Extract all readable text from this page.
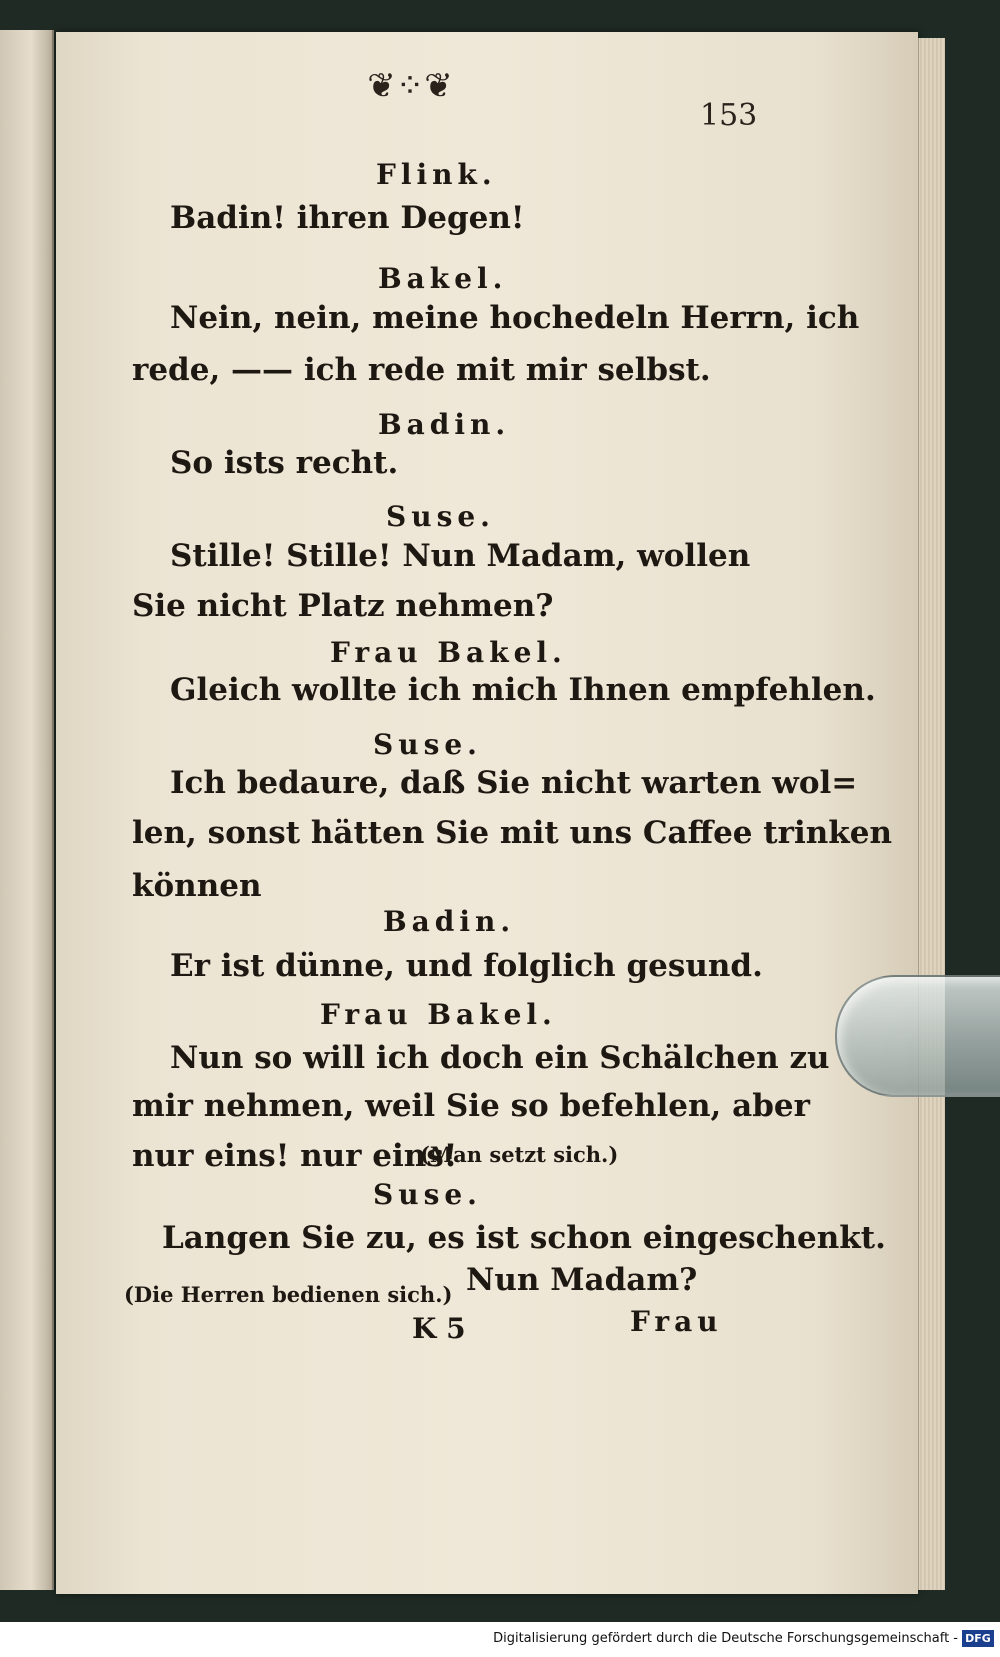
❦⁘❦
153
Flink.
Badin! ihren Degen!
Bakel.
Nein, nein, meine hochedeln Herrn, ich
rede, —— ich rede mit mir selbst.
Badin.
So ists recht.
Suse.
Stille! Stille! Nun Madam, wollen
Sie nicht Platz nehmen?
Frau Bakel.
Gleich wollte ich mich Ihnen empfehlen.
Suse.
Ich bedaure, daß Sie nicht warten wol=
len, sonst hätten Sie mit uns Caffee trinken
können
Badin.
Er ist dünne, und folglich gesund.
Frau Bakel.
Nun so will ich doch ein Schälchen zu
mir nehmen, weil Sie so befehlen, aber
nur eins! nur eins!
(Man setzt sich.)
Suse.
Langen Sie zu, es ist schon eingeschenkt.
(Die Herren bedienen sich.) Nun Madam?
K 5	Frau
Digitalisierung gefördert durch die Deutsche Forschungsgemeinschaft - DFG
